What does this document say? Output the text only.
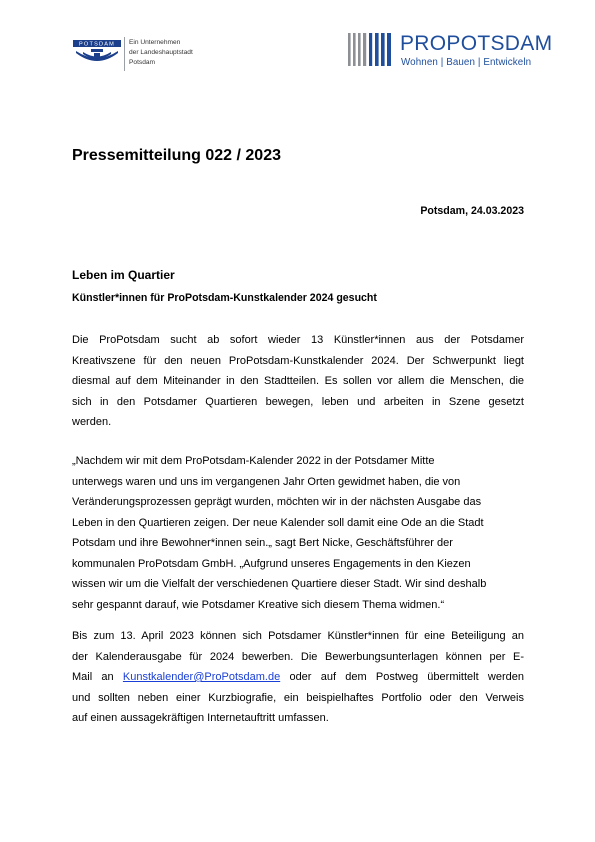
POTSDAM Ein Unternehmen
der Landeshauptstadt
Potsdam
PROPOTSDAM
Wohnen | Bauen | Entwickeln
Pressemitteilung 022 / 2023
Potsdam, 24.03.2023
Leben im Quartier
Künstler*innen für ProPotsdam-Kunstkalender 2024 gesucht
Die ProPotsdam sucht ab sofort wieder 13 Künstler*innen aus der Potsdamer
Kreativszene für den neuen ProPotsdam-Kunstkalender 2024. Der Schwerpunkt liegt
diesmal auf dem Miteinander in den Stadtteilen. Es sollen vor allem die Menschen, die
sich in den Potsdamer Quartieren bewegen, leben und arbeiten in Szene gesetzt
werden.
„Nachdem wir mit dem ProPotsdam-Kalender 2022 in der Potsdamer Mitte
unterwegs waren und uns im vergangenen Jahr Orten gewidmet haben, die von
Veränderungsprozessen geprägt wurden, möchten wir in der nächsten Ausgabe das
Leben in den Quartieren zeigen. Der neue Kalender soll damit eine Ode an die Stadt
Potsdam und ihre Bewohner*innen sein.„ sagt Bert Nicke, Geschäftsführer der
kommunalen ProPotsdam GmbH. „Aufgrund unseres Engagements in den Kiezen
wissen wir um die Vielfalt der verschiedenen Quartiere dieser Stadt. Wir sind deshalb
sehr gespannt darauf, wie Potsdamer Kreative sich diesem Thema widmen.“
Bis zum 13. April 2023 können sich Potsdamer Künstler*innen für eine Beteiligung an
der Kalenderausgabe für 2024 bewerben. Die Bewerbungsunterlagen können per E-
Mail an Kunstkalender@ProPotsdam.de oder auf dem Postweg übermittelt werden
und sollten neben einer Kurzbiografie, ein beispielhaftes Portfolio oder den Verweis
auf einen aussagekräftigen Internetauftritt umfassen.
